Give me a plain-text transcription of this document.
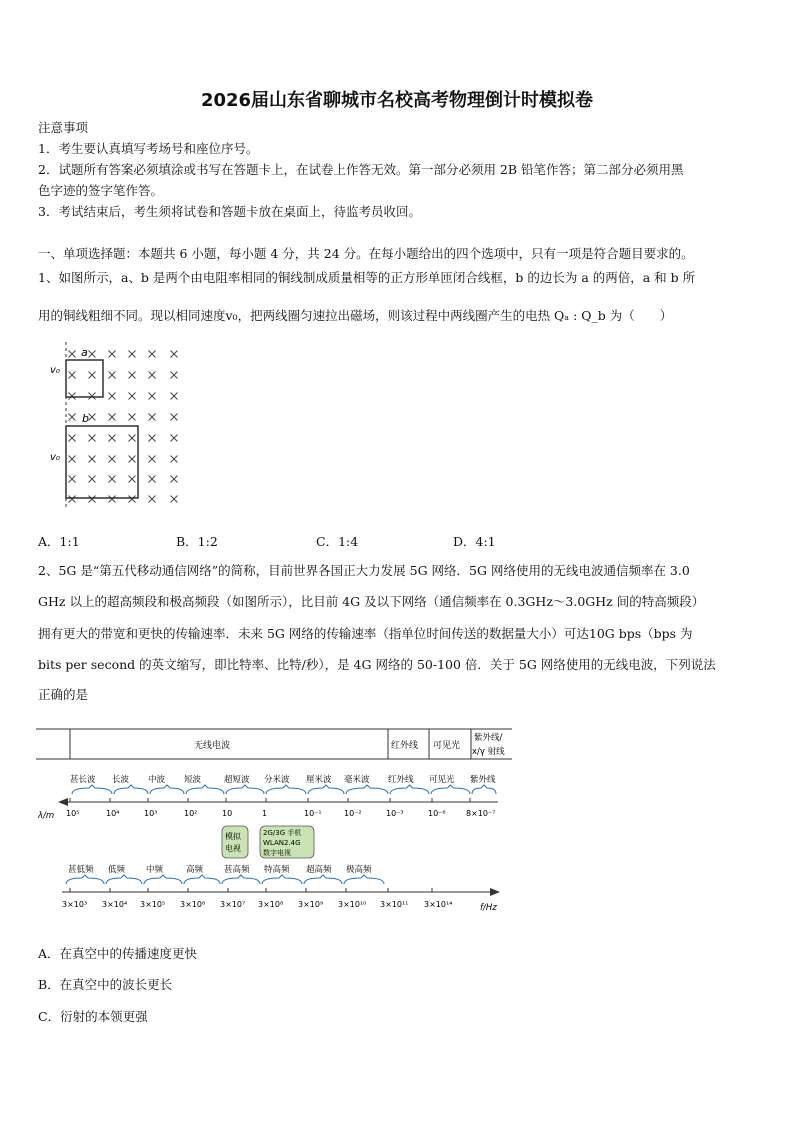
2026届山东省聊城市名校高考物理倒计时模拟卷
注意事项
1．考生要认真填写考场号和座位序号。
2．试题所有答案必须填涂或书写在答题卡上，在试卷上作答无效。第一部分必须用 2B 铅笔作答；第二部分必须用黑
色字迹的签字笔作答。
3．考试结束后，考生须将试卷和答题卡放在桌面上，待监考员收回。
一、单项选择题：本题共 6 小题，每小题 4 分，共 24 分。在每小题给出的四个选项中，只有一项是符合题目要求的。
1、如图所示，a、b 是两个由电阻率相同的铜线制成质量相等的正方形单匝闭合线框，b 的边长为 a 的两倍，a 和 b 所
用的铜线粗细不同。现以相同速度v₀，把两线圈匀速拉出磁场，则该过程中两线圈产生的电热 Qₐ : Q_b 为（　　）
a
b
v₀
v₀
A．1:1	B．1:2	C．1:4	D．4:1
2、5G 是“第五代移动通信网络”的简称，目前世界各国正大力发展 5G 网络．5G 网络使用的无线电波通信频率在 3.0
GHz 以上的超高频段和极高频段（如图所示），比目前 4G 及以下网络（通信频率在 0.3GHz～3.0GHz 间的特高频段）
拥有更大的带宽和更快的传输速率．未来 5G 网络的传输速率（指单位时间传送的数据量大小）可达10G bps（bps 为
bits per second 的英文缩写，即比特率、比特/秒），是 4G 网络的 50-100 倍．关于 5G 网络使用的无线电波，下列说法
正确的是
无线电波	红外线 可见光
紫外线/
x/γ 射线
甚长波 长波 中波 短波	超短波 分米波 厘米波 毫米波 红外线 可见光 紫外线
10⁵	10⁴	10³	10²	10	1	10⁻¹	10⁻²	10⁻³	10⁻⁶	8×10⁻⁷
λ/m
模拟
电视
2G/3G 手机
WLAN2.4G
数字电视
甚低频 低频 中频	高频 甚高频 特高频 超高频 极高频
3×10³ 3×10⁴ 3×10⁵ 3×10⁶ 3×10⁷ 3×10⁸ 3×10⁹ 3×10¹⁰ 3×10¹¹ 3×10¹⁴	f/Hz
A．在真空中的传播速度更快
B．在真空中的波长更长
C．衍射的本领更强
